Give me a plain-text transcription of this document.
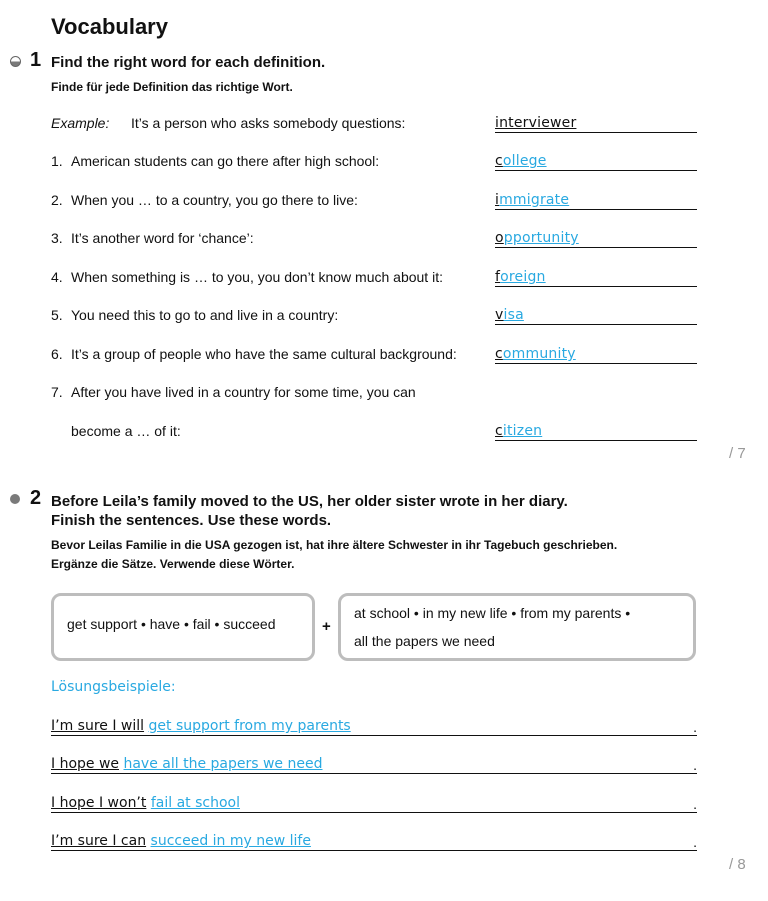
Vocabulary
1 Find the right word for each definition.
Finde für jede Definition das richtige Wort.
Example: It’s a person who asks somebody questions:	interviewer
1. American students can go there after high school:	college
2. When you … to a country, you go there to live:	immigrate
3. It’s another word for ‘chance’:	opportunity
4. When something is … to you, you don’t know much about it:	foreign
5. You need this to go to and live in a country:	visa
6. It’s a group of people who have the same cultural background:	community
7. After you have lived in a country for some time, you can
become a … of it:	citizen
/ 7
2 Before Leila’s family moved to the US, her older sister wrote in her diary.
Finish the sentences. Use these words.
Bevor Leilas Familie in die USA gezogen ist, hat ihre ältere Schwester in ihr Tagebuch geschrieben.
Ergänze die Sätze. Verwende diese Wörter.
get support • have • fail • succeed	+
at school • in my new life • from my parents •
all the papers we need
Lösungsbeispiele:
I’m sure I will get support from my parents	.
I hope we have all the papers we need	.
I hope I won’t fail at school	.
I’m sure I can succeed in my new life	.
/ 8
